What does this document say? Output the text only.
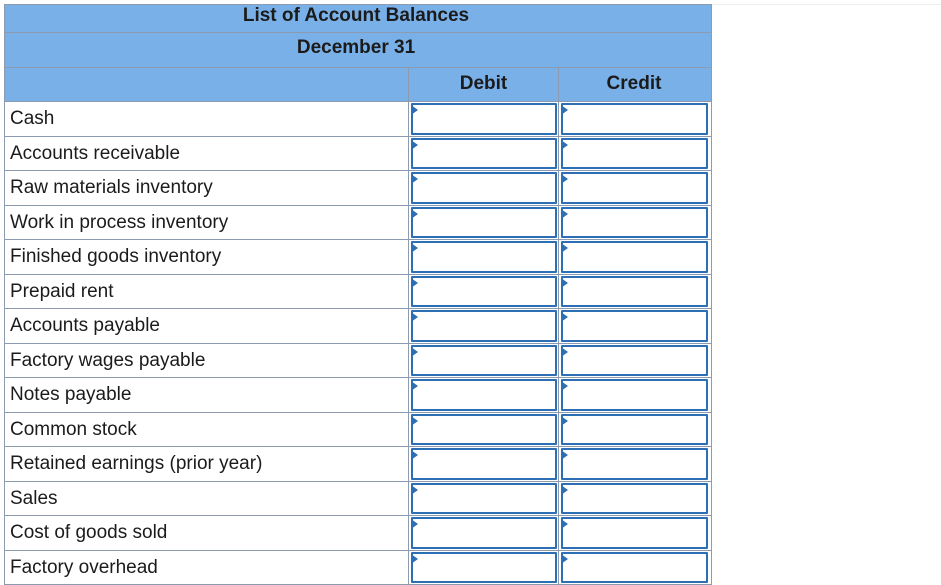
List of Account Balances
December 31
Debit	Credit
Cash
Accounts receivable
Raw materials inventory
Work in process inventory
Finished goods inventory
Prepaid rent
Accounts payable
Factory wages payable
Notes payable
Common stock
Retained earnings (prior year)
Sales
Cost of goods sold
Factory overhead
